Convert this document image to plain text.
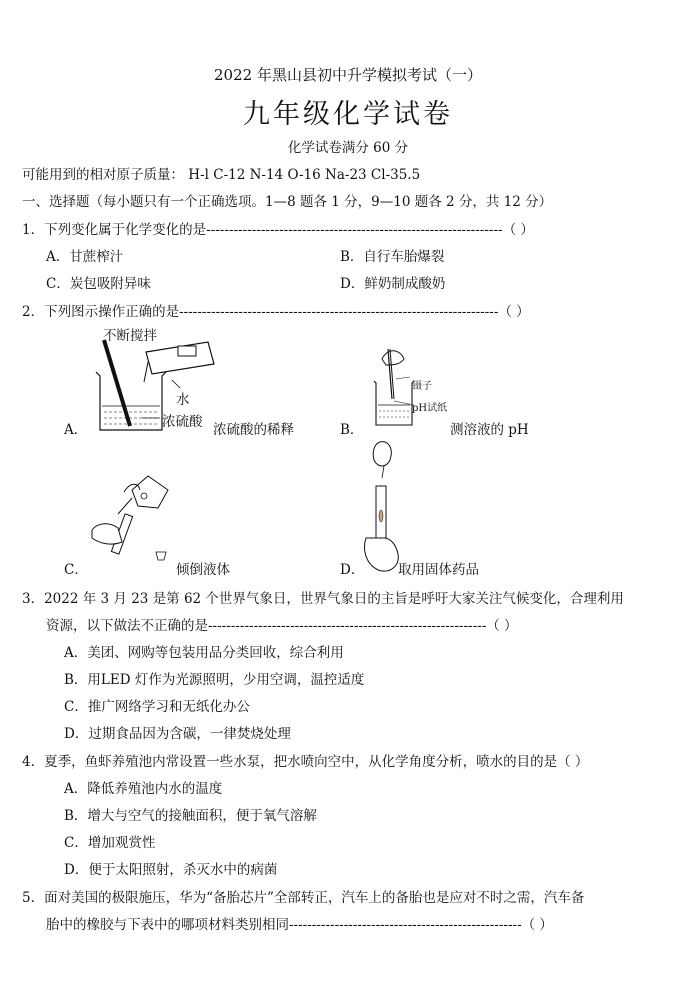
2022 年黑山县初中升学模拟考试（一）
九年级化学试卷
化学试卷满分 60 分
可能用到的相对原子质量： H-l C-12 N-14 O-16 Na-23 Cl-35.5
一、选择题（每小题只有一个正确选项。1—8 题各 1 分，9—10 题各 2 分，共 12 分）
1．下列变化属于化学变化的是-----------------------------------------------------------------（ ）
A．甘蔗榨汁	B．自行车胎爆裂
C．炭包吸附异味	D．鲜奶制成酸奶
2．下列图示操作正确的是----------------------------------------------------------------------（ ）
不断搅拌
水
浓硫酸
A．	浓硫酸的稀释
镊子
pH试纸
B．	测溶液的 pH
C．	倾倒液体	D． 取用固体药品
3．2022 年 3 月 23 是第 62 个世界气象日，世界气象日的主旨是呼吁大家关注气候变化，合理利用
资源，以下做法不正确的是-------------------------------------------------------------（ ）
A．美团、网购等包装用品分类回收，综合利用
B．用LED 灯作为光源照明，少用空调，温控适度
C．推广网络学习和无纸化办公
D．过期食品因为含碳，一律焚烧处理
4．夏季，鱼虾养殖池内常设置一些水泵，把水喷向空中，从化学角度分析，喷水的目的是（ ）
A．降低养殖池内水的温度
B．增大与空气的接触面积，便于氧气溶解
C．增加观赏性
D．便于太阳照射，杀灭水中的病菌
5．面对美国的极限施压，华为“备胎芯片”全部转正，汽车上的备胎也是应对不时之需，汽车备
胎中的橡胶与下表中的哪项材料类别相同---------------------------------------------------（ ）
